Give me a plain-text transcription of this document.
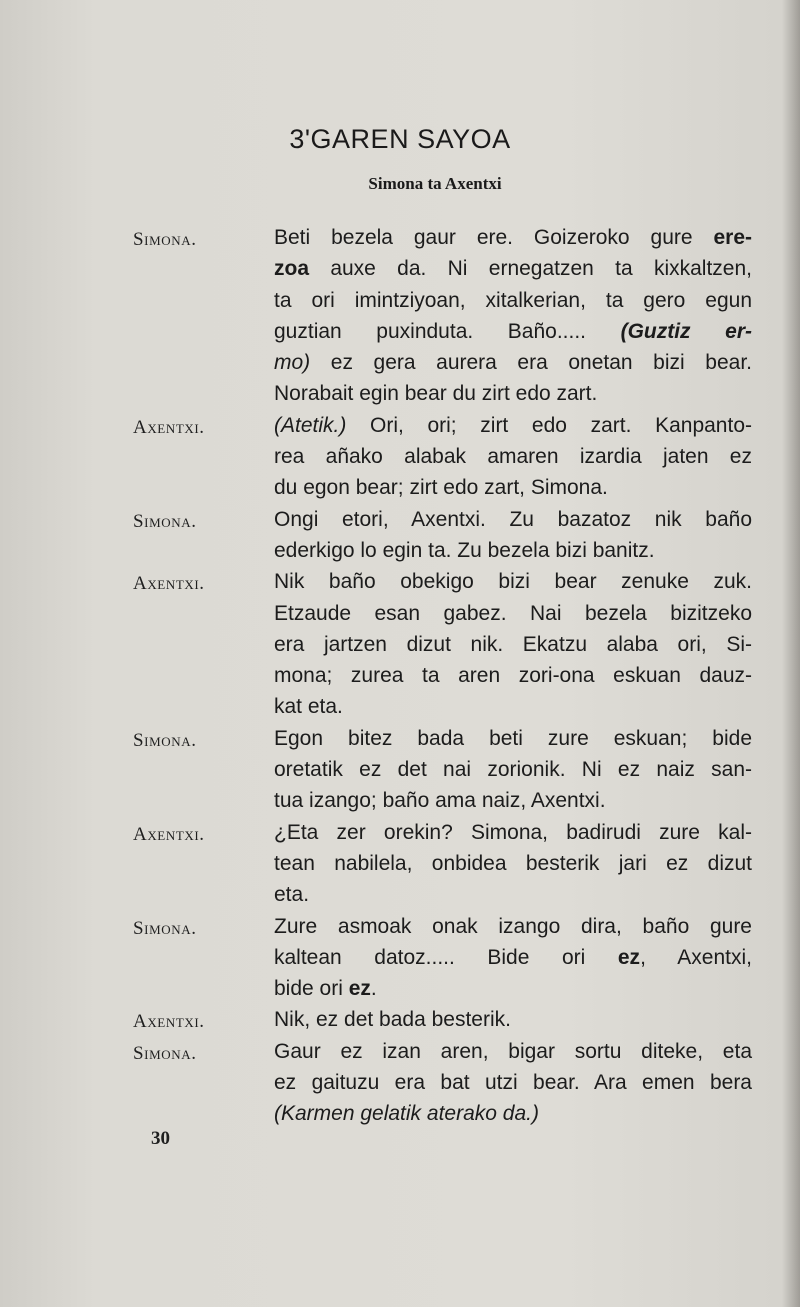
3'GAREN SAYOA
Simona ta Axentxi
Simona.	Beti bezela gaur ere. Goizeroko gure ere-
zoa auxe da. Ni ernegatzen ta kixkaltzen,
ta ori imintziyoan, xitalkerian, ta gero egun
guztian puxinduta. Baño..... (Guztiz er-
mo) ez gera aurera era onetan bizi bear.
Norabait egin bear du zirt edo zart.
Axentxi.	(Atetik.) Ori, ori; zirt edo zart. Kanpanto-
rea añako alabak amaren izardia jaten ez
du egon bear; zirt edo zart, Simona.
Simona.	Ongi etori, Axentxi. Zu bazatoz nik baño
ederkigo lo egin ta. Zu bezela bizi banitz.
Axentxi.	Nik baño obekigo bizi bear zenuke zuk.
Etzaude esan gabez. Nai bezela bizitzeko
era jartzen dizut nik. Ekatzu alaba ori, Si-
mona; zurea ta aren zori-ona eskuan dauz-
kat eta.
Simona.	Egon bitez bada beti zure eskuan; bide
oretatik ez det nai zorionik. Ni ez naiz san-
tua izango; baño ama naiz, Axentxi.
Axentxi.	¿Eta zer orekin? Simona, badirudi zure kal-
tean nabilela, onbidea besterik jari ez dizut
eta.
Simona.	Zure asmoak onak izango dira, baño gure
kaltean datoz..... Bide ori ez, Axentxi,
bide ori ez.
Axentxi.	Nik, ez det bada besterik.
Simona.	Gaur ez izan aren, bigar sortu diteke, eta
ez gaituzu era bat utzi bear. Ara emen bera
(Karmen gelatik aterako da.)
30
